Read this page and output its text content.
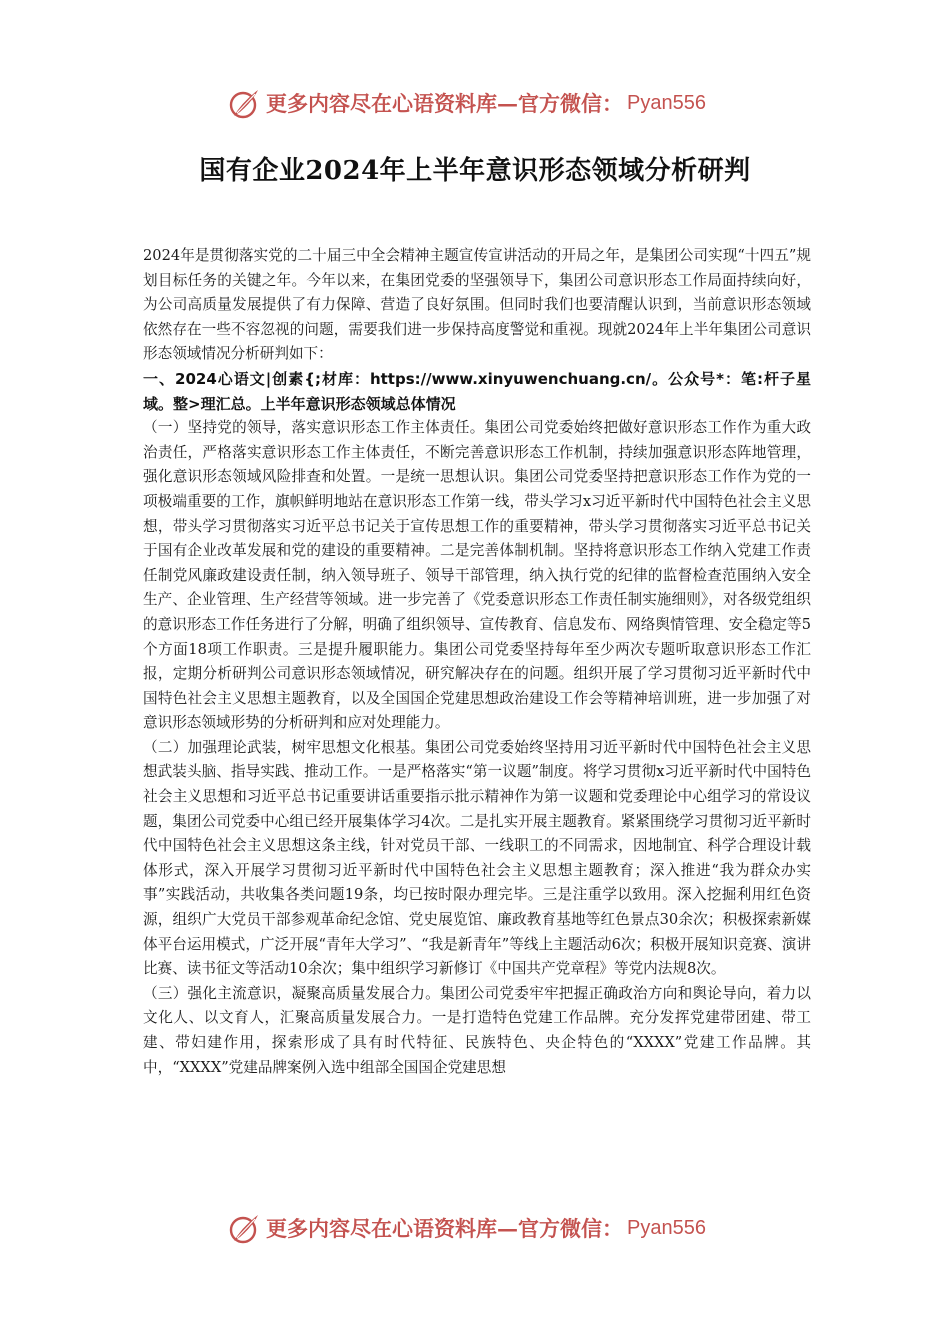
更多内容尽在心语资料库—官方微信： Pyan556
国有企业2024年上半年意识形态领域分析研判

2024年是贯彻落实党的二十届三中全会精神主题宣传宣讲活动的开局之年，是集团公司实现“十四五”规划目标任务的关键之年。今年以来，在集团党委的坚强领导下，集团公司意识形态工作局面持续向好，为公司高质量发展提供了有力保障、营造了良好氛围。但同时我们也要清醒认识到，当前意识形态领域依然存在一些不容忽视的问题，需要我们进一步保持高度警觉和重视。现就2024年上半年集团公司意识形态领域情况分析研判如下：

一、2024心语文|创素{;材库：https://www.xinyuwenchuang.cn/。公众号*：笔:杆子星域。整>理汇总。上半年意识形态领域总体情况

（一）坚持党的领导，落实意识形态工作主体责任。集团公司党委始终把做好意识形态工作作为重大政治责任，严格落实意识形态工作主体责任，不断完善意识形态工作机制，持续加强意识形态阵地管理，强化意识形态领域风险排查和处置。一是统一思想认识。集团公司党委坚持把意识形态工作作为党的一项极端重要的工作，旗帜鲜明地站在意识形态工作第一线，带头学习x习近平新时代中国特色社会主义思想，带头学习贯彻落实习近平总书记关于宣传思想工作的重要精神，带头学习贯彻落实习近平总书记关于国有企业改革发展和党的建设的重要精神。二是完善体制机制。坚持将意识形态工作纳入党建工作责任制党风廉政建设责任制，纳入领导班子、领导干部管理，纳入执行党的纪律的监督检查范围纳入安全生产、企业管理、生产经营等领域。进一步完善了《党委意识形态工作责任制实施细则》，对各级党组织的意识形态工作任务进行了分解，明确了组织领导、宣传教育、信息发布、网络舆情管理、安全稳定等5个方面18项工作职责。三是提升履职能力。集团公司党委坚持每年至少两次专题听取意识形态工作汇报，定期分析研判公司意识形态领域情况，研究解决存在的问题。组织开展了学习贯彻习近平新时代中国特色社会主义思想主题教育，以及全国国企党建思想政治建设工作会等精神培训班，进一步加强了对意识形态领域形势的分析研判和应对处理能力。

（二）加强理论武装，树牢思想文化根基。集团公司党委始终坚持用习近平新时代中国特色社会主义思想武装头脑、指导实践、推动工作。一是严格落实“第一议题”制度。将学习贯彻x习近平新时代中国特色社会主义思想和习近平总书记重要讲话重要指示批示精神作为第一议题和党委理论中心组学习的常设议题，集团公司党委中心组已经开展集体学习4次。二是扎实开展主题教育。紧紧围绕学习贯彻习近平新时代中国特色社会主义思想这条主线，针对党员干部、一线职工的不同需求，因地制宜、科学合理设计载体形式，深入开展学习贯彻习近平新时代中国特色社会主义思想主题教育；深入推进“我为群众办实事”实践活动，共收集各类问题19条，均已按时限办理完毕。三是注重学以致用。深入挖掘利用红色资源，组织广大党员干部参观革命纪念馆、党史展览馆、廉政教育基地等红色景点30余次；积极探索新媒体平台运用模式，广泛开展“青年大学习”、“我是新青年”等线上主题活动6次；积极开展知识竞赛、演讲比赛、读书征文等活动10余次；集中组织学习新修订《中国共产党章程》等党内法规8次。

（三）强化主流意识，凝聚高质量发展合力。集团公司党委牢牢把握正确政治方向和舆论导向，着力以文化人、以文育人，汇聚高质量发展合力。一是打造特色党建工作品牌。充分发挥党建带团建、带工建、带妇建作用，探索形成了具有时代特征、民族特色、央企特色的“XXXX”党建工作品牌。其中，“XXXX”党建品牌案例入选中组部全国国企党建思想

更多内容尽在心语资料库—官方微信： Pyan556
